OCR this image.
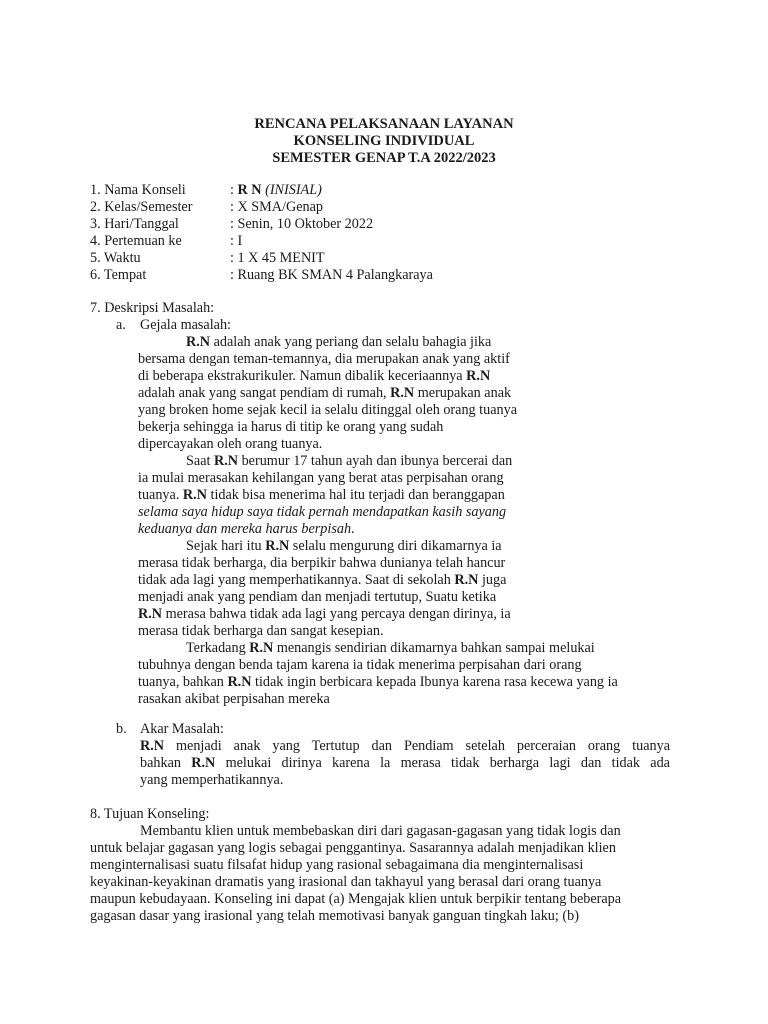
RENCANA PELAKSANAAN LAYANAN
KONSELING INDIVIDUAL
SEMESTER GENAP T.A 2022/2023
1. Nama Konseli	: R N (INISIAL)
2. Kelas/Semester	: X SMA/Genap
3. Hari/Tanggal	: Senin, 10 Oktober 2022
4. Pertemuan ke	: I
5. Waktu	: 1 X 45 MENIT
6. Tempat	: Ruang BK SMAN 4 Palangkaraya
7. Deskripsi Masalah:
a. Gejala masalah:
R.N adalah anak yang periang dan selalu bahagia jika
bersama dengan teman-temannya, dia merupakan anak yang aktif
di beberapa ekstrakurikuler. Namun dibalik keceriaannya R.N
adalah anak yang sangat pendiam di rumah, R.N merupakan anak
yang broken home sejak kecil ia selalu ditinggal oleh orang tuanya
bekerja sehingga ia harus di titip ke orang yang sudah
dipercayakan oleh orang tuanya.
Saat R.N berumur 17 tahun ayah dan ibunya bercerai dan
ia mulai merasakan kehilangan yang berat atas perpisahan orang
tuanya. R.N tidak bisa menerima hal itu terjadi dan beranggapan
selama saya hidup saya tidak pernah mendapatkan kasih sayang
keduanya dan mereka harus berpisah.
Sejak hari itu R.N selalu mengurung diri dikamarnya ia
merasa tidak berharga, dia berpikir bahwa dunianya telah hancur
tidak ada lagi yang memperhatikannya. Saat di sekolah R.N juga
menjadi anak yang pendiam dan menjadi tertutup, Suatu ketika
R.N merasa bahwa tidak ada lagi yang percaya dengan dirinya, ia
merasa tidak berharga dan sangat kesepian.
Terkadang R.N menangis sendirian dikamarnya bahkan sampai melukai
tubuhnya dengan benda tajam karena ia tidak menerima perpisahan dari orang
tuanya, bahkan R.N tidak ingin berbicara kepada Ibunya karena rasa kecewa yang ia
rasakan akibat perpisahan mereka
b. Akar Masalah:
R.N menjadi anak yang Tertutup dan Pendiam setelah perceraian orang tuanya
bahkan R.N melukai dirinya karena la merasa tidak berharga lagi dan tidak ada
yang memperhatikannya.
8. Tujuan Konseling:
Membantu klien untuk membebaskan diri dari gagasan-gagasan yang tidak logis dan
untuk belajar gagasan yang logis sebagai penggantinya. Sasarannya adalah menjadikan klien
menginternalisasi suatu filsafat hidup yang rasional sebagaimana dia menginternalisasi
keyakinan-keyakinan dramatis yang irasional dan takhayul yang berasal dari orang tuanya
maupun kebudayaan. Konseling ini dapat (a) Mengajak klien untuk berpikir tentang beberapa
gagasan dasar yang irasional yang telah memotivasi banyak ganguan tingkah laku; (b)
